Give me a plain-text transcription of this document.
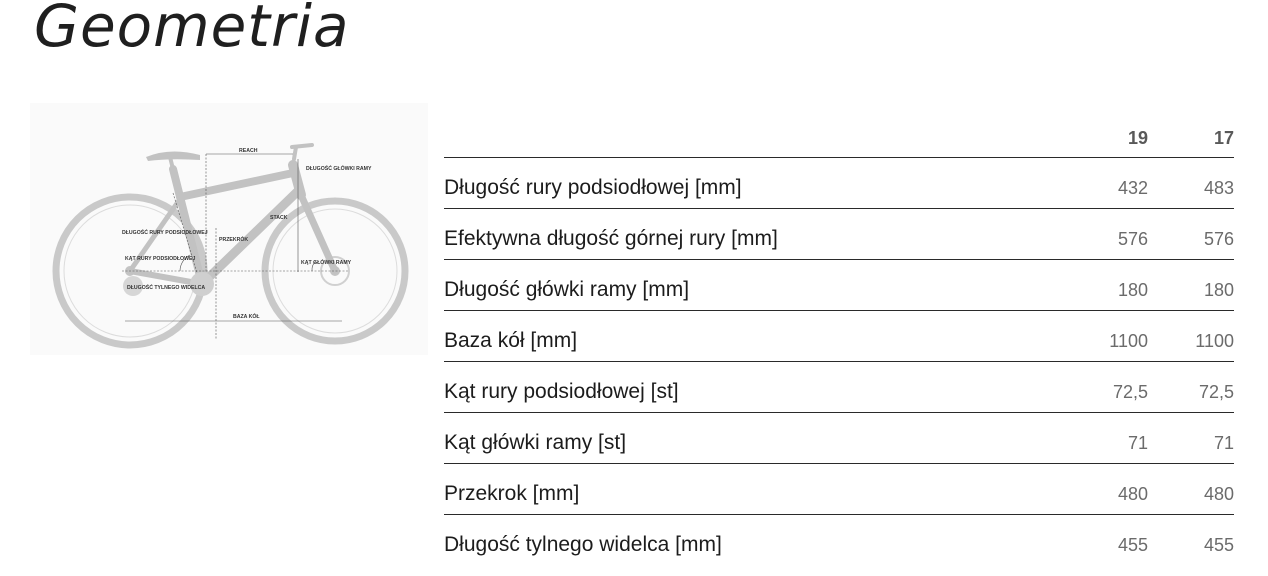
Geometria
REACH
DŁUGOŚĆ GŁÓWKI RAMY
STACK
DŁUGOŚĆ RURY PODSIODŁOWEJ
PRZEKRÓK
KĄT RURY PODSIODŁOWEJ
KĄT GŁÓWKI RAMY
DŁUGOŚĆ TYLNEGO WIDELCA
BAZA KÓŁ
19	17
Długość rury podsiodłowej [mm]	432	483
Efektywna długość górnej rury [mm]	576	576
Długość główki ramy [mm]	180	180
Baza kół [mm]	1100	1100
Kąt rury podsiodłowej [st]	72,5	72,5
Kąt główki ramy [st]	71	71
Przekrok [mm]	480	480
Długość tylnego widelca [mm]	455	455
